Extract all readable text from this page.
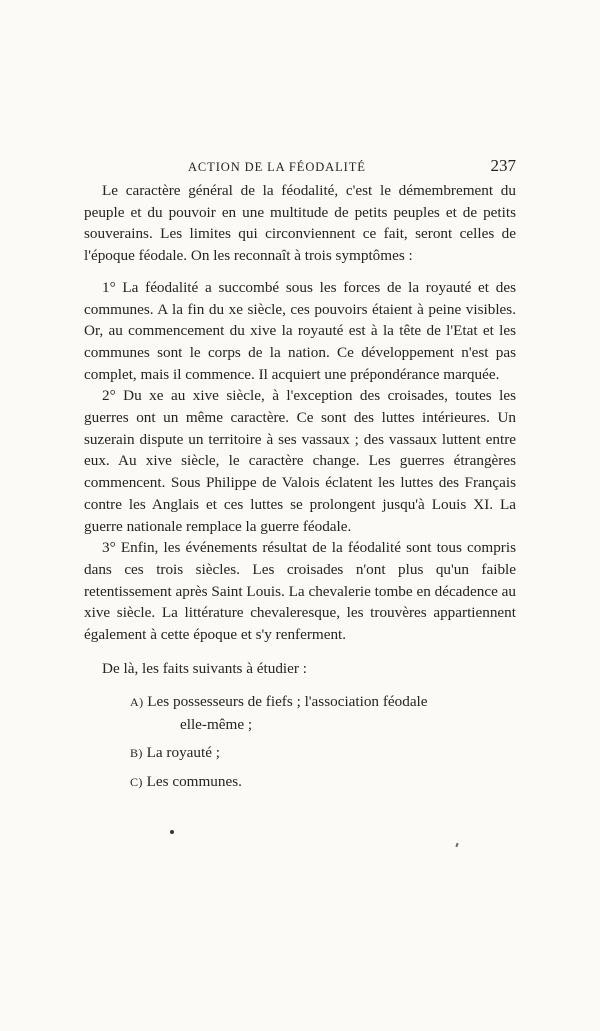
ACTION DE LA FÉODALITÉ	237

Le caractère général de la féodalité, c'est le démembrement du peuple et du pouvoir en une multitude de petits peuples et de petits souverains. Les limites qui circonviennent ce fait, seront celles de l'époque féodale. On les reconnaît à trois symptômes :

1° La féodalité a succombé sous les forces de la royauté et des communes. A la fin du xe siècle, ces pouvoirs étaient à peine visibles. Or, au commencement du xive la royauté est à la tête de l'Etat et les communes sont le corps de la nation. Ce développement n'est pas complet, mais il commence. Il acquiert une prépondérance marquée.

2° Du xe au xive siècle, à l'exception des croisades, toutes les guerres ont un même caractère. Ce sont des luttes intérieures. Un suzerain dispute un territoire à ses vassaux ; des vassaux luttent entre eux. Au xive siècle, le caractère change. Les guerres étrangères commencent. Sous Philippe de Valois éclatent les luttes des Français contre les Anglais et ces luttes se prolongent jusqu'à Louis XI. La guerre nationale remplace la guerre féodale.

3° Enfin, les événements résultat de la féodalité sont tous compris dans ces trois siècles. Les croisades n'ont plus qu'un faible retentissement après Saint Louis. La chevalerie tombe en décadence au xive siècle. La littérature chevaleresque, les trouvères appartiennent également à cette époque et s'y renferment.

De là, les faits suivants à étudier :

A) Les possesseurs de fiefs ; l'association féodale
elle-même ;

B) La royauté ;

C) Les communes.
